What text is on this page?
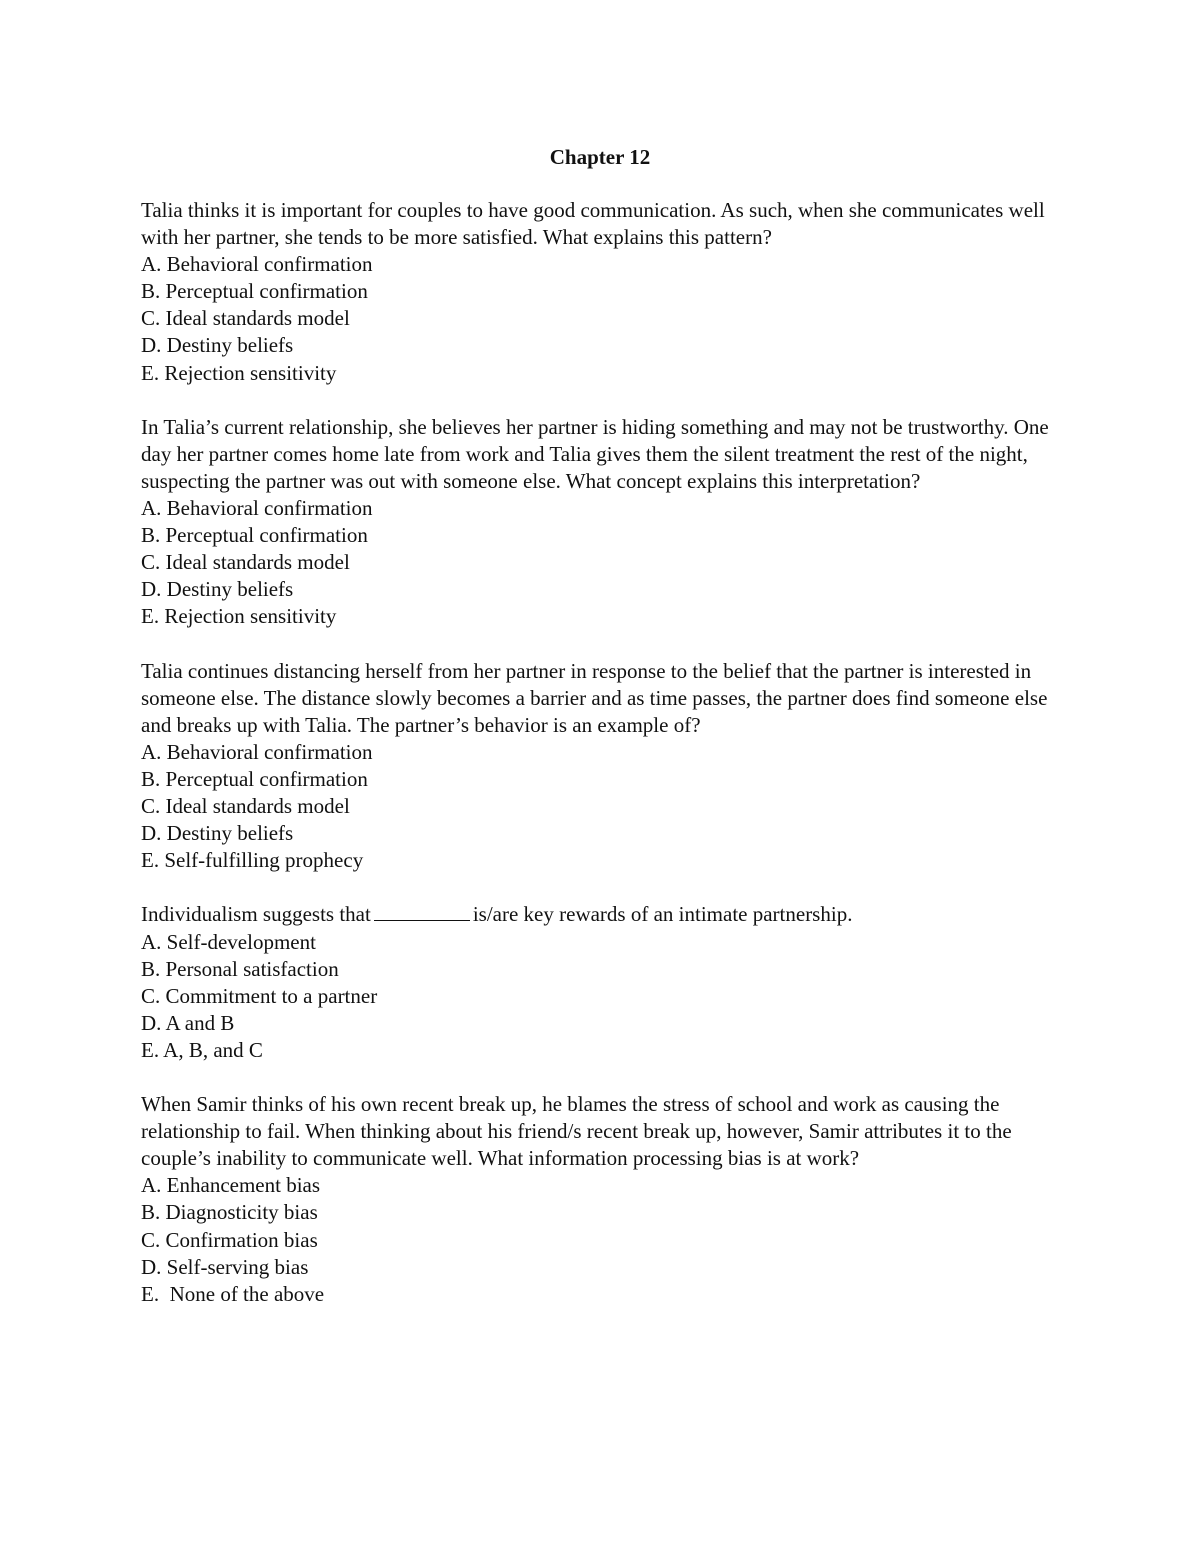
Chapter 12
Talia thinks it is important for couples to have good communication. As such, when she communicates well with her partner, she tends to be more satisfied. What explains this pattern?
A. Behavioral confirmation
B. Perceptual confirmation
C. Ideal standards model
D. Destiny beliefs
E. Rejection sensitivity
In Talia’s current relationship, she believes her partner is hiding something and may not be trustworthy. One day her partner comes home late from work and Talia gives them the silent treatment the rest of the night, suspecting the partner was out with someone else. What concept explains this interpretation?
A. Behavioral confirmation
B. Perceptual confirmation
C. Ideal standards model
D. Destiny beliefs
E. Rejection sensitivity
Talia continues distancing herself from her partner in response to the belief that the partner is interested in someone else. The distance slowly becomes a barrier and as time passes, the partner does find someone else and breaks up with Talia. The partner’s behavior is an example of?
A. Behavioral confirmation
B. Perceptual confirmation
C. Ideal standards model
D. Destiny beliefs
E. Self-fulfilling prophecy
Individualism suggests that	is/are key rewards of an intimate partnership.
A. Self-development
B. Personal satisfaction
C. Commitment to a partner
D. A and B
E. A, B, and C
When Samir thinks of his own recent break up, he blames the stress of school and work as causing the relationship to fail. When thinking about his friend/s recent break up, however, Samir attributes it to the couple’s inability to communicate well. What information processing bias is at work?
A. Enhancement bias
B. Diagnosticity bias
C. Confirmation bias
D. Self-serving bias
E.  None of the above
